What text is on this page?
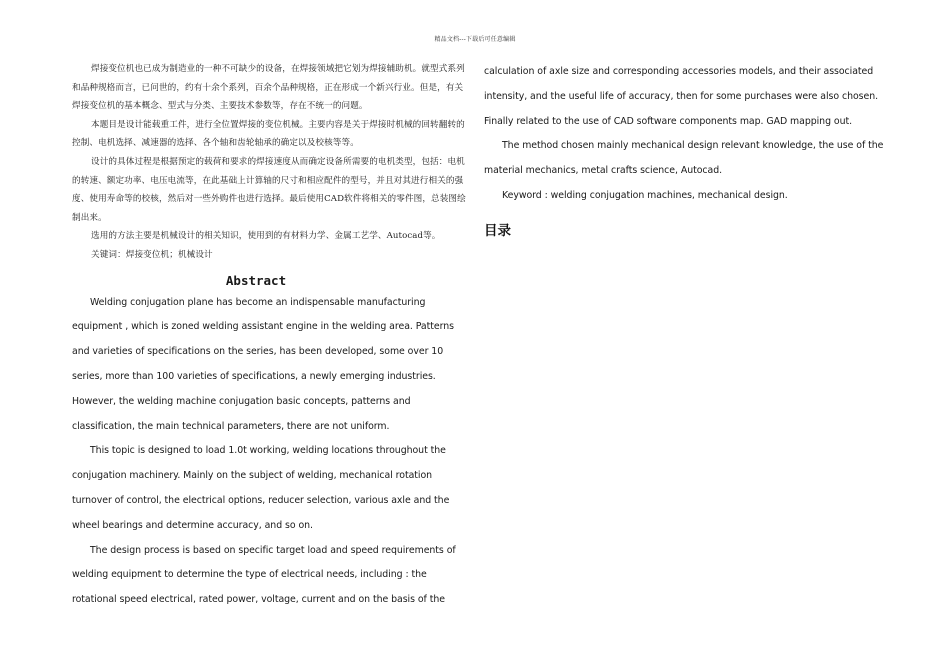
精品文档---下载后可任意编辑

焊接变位机也已成为制造业的一种不可缺少的设备，在焊接领域把它划为焊接辅助机。就型式系列和品种规格而言，已问世的，约有十余个系列，百余个品种规格，正在形成一个新兴行业。但是，有关焊接变位机的基本概念、型式与分类、主要技术参数等，存在不统一的问题。

本题目是设计能载重工件，进行全位置焊接的变位机械。主要内容是关于焊接时机械的回转翻转的控制、电机选择、减速器的选择、各个轴和齿轮轴承的确定以及校核等等。

设计的具体过程是根据预定的载荷和要求的焊接速度从而确定设备所需要的电机类型，包括：电机的转速、额定功率、电压电流等，在此基础上计算轴的尺寸和相应配件的型号，并且对其进行相关的强度、使用寿命等的校核，然后对一些外购件也进行选择。最后使用CAD软件将相关的零件图，总装图绘制出来。

选用的方法主要是机械设计的相关知识，使用到的有材料力学、金属工艺学、Autocad等。

关键词：焊接变位机；机械设计

Abstract

Welding conjugation plane has become an indispensable manufacturing equipment , which is zoned welding assistant engine in the welding area. Patterns and varieties of specifications on the series, has been developed, some over 10 series, more than 100 varieties of specifications, a newly emerging industries. However, the welding machine conjugation basic concepts, patterns and classification, the main technical parameters, there are not uniform.

This topic is designed to load 1.0t working, welding locations throughout the conjugation machinery. Mainly on the subject of welding, mechanical rotation turnover of control, the electrical options, reducer selection, various axle and the wheel bearings and determine accuracy, and so on.

The design process is based on specific target load and speed requirements of welding equipment to determine the type of electrical needs, including : the rotational speed electrical, rated power, voltage, current and on the basis of the

calculation of axle size and corresponding accessories models, and their associated intensity, and the useful life of accuracy, then for some purchases were also chosen. Finally related to the use of CAD software components map. GAD mapping out.

The method chosen mainly mechanical design relevant knowledge, the use of the material mechanics, metal crafts science, Autocad.

Keyword : welding conjugation machines, mechanical design.

目录
